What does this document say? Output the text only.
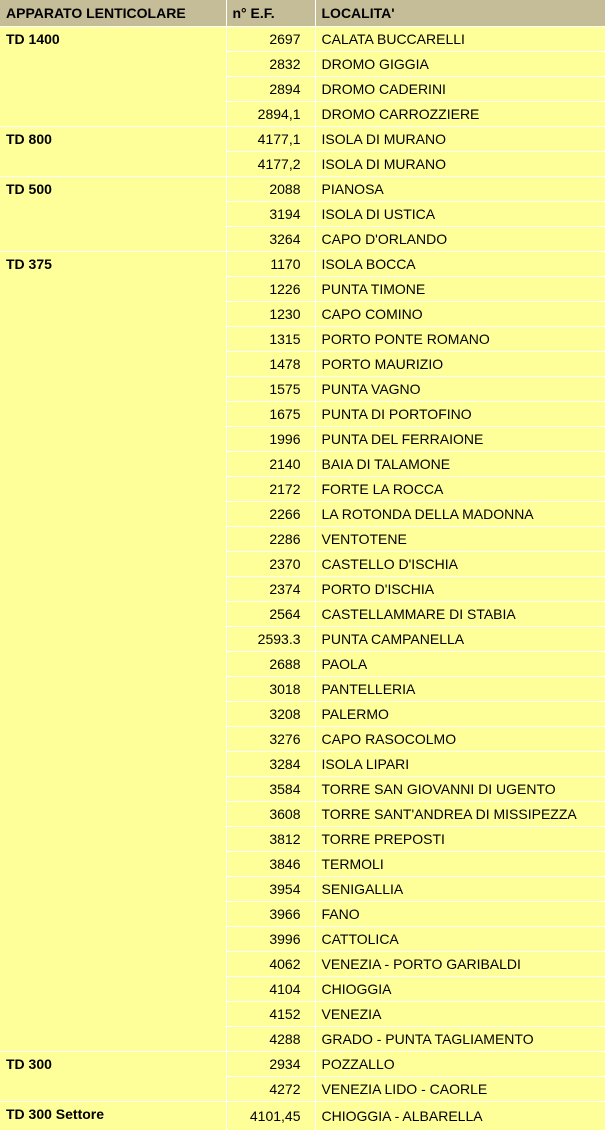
APPARATO LENTICOLARE	n° E.F.	LOCALITA'
TD 1400	2697	CALATA BUCCARELLI
	2832	DROMO GIGGIA
	2894	DROMO CADERINI
	2894,1	DROMO CARROZZIERE
TD 800	4177,1	ISOLA DI MURANO
	4177,2	ISOLA DI MURANO
TD 500	2088	PIANOSA
	3194	ISOLA DI USTICA
	3264	CAPO D'ORLANDO
TD 375	1170	ISOLA BOCCA
	1226	PUNTA TIMONE
	1230	CAPO COMINO
	1315	PORTO PONTE ROMANO
	1478	PORTO MAURIZIO
	1575	PUNTA VAGNO
	1675	PUNTA DI PORTOFINO
	1996	PUNTA DEL FERRAIONE
	2140	BAIA DI TALAMONE
	2172	FORTE LA ROCCA
	2266	LA ROTONDA DELLA MADONNA
	2286	VENTOTENE
	2370	CASTELLO D'ISCHIA
	2374	PORTO D'ISCHIA
	2564	CASTELLAMMARE DI STABIA
	2593.3	PUNTA CAMPANELLA
	2688	PAOLA
	3018	PANTELLERIA
	3208	PALERMO
	3276	CAPO RASOCOLMO
	3284	ISOLA LIPARI
	3584	TORRE SAN GIOVANNI DI UGENTO
	3608	TORRE SANT'ANDREA DI MISSIPEZZA
	3812	TORRE PREPOSTI
	3846	TERMOLI
	3954	SENIGALLIA
	3966	FANO
	3996	CATTOLICA
	4062	VENEZIA - PORTO GARIBALDI
	4104	CHIOGGIA
	4152	VENEZIA
	4288	GRADO - PUNTA TAGLIAMENTO
TD 300	2934	POZZALLO
	4272	VENEZIA LIDO - CAORLE
TD 300 Settore	4101,45	CHIOGGIA - ALBARELLA
